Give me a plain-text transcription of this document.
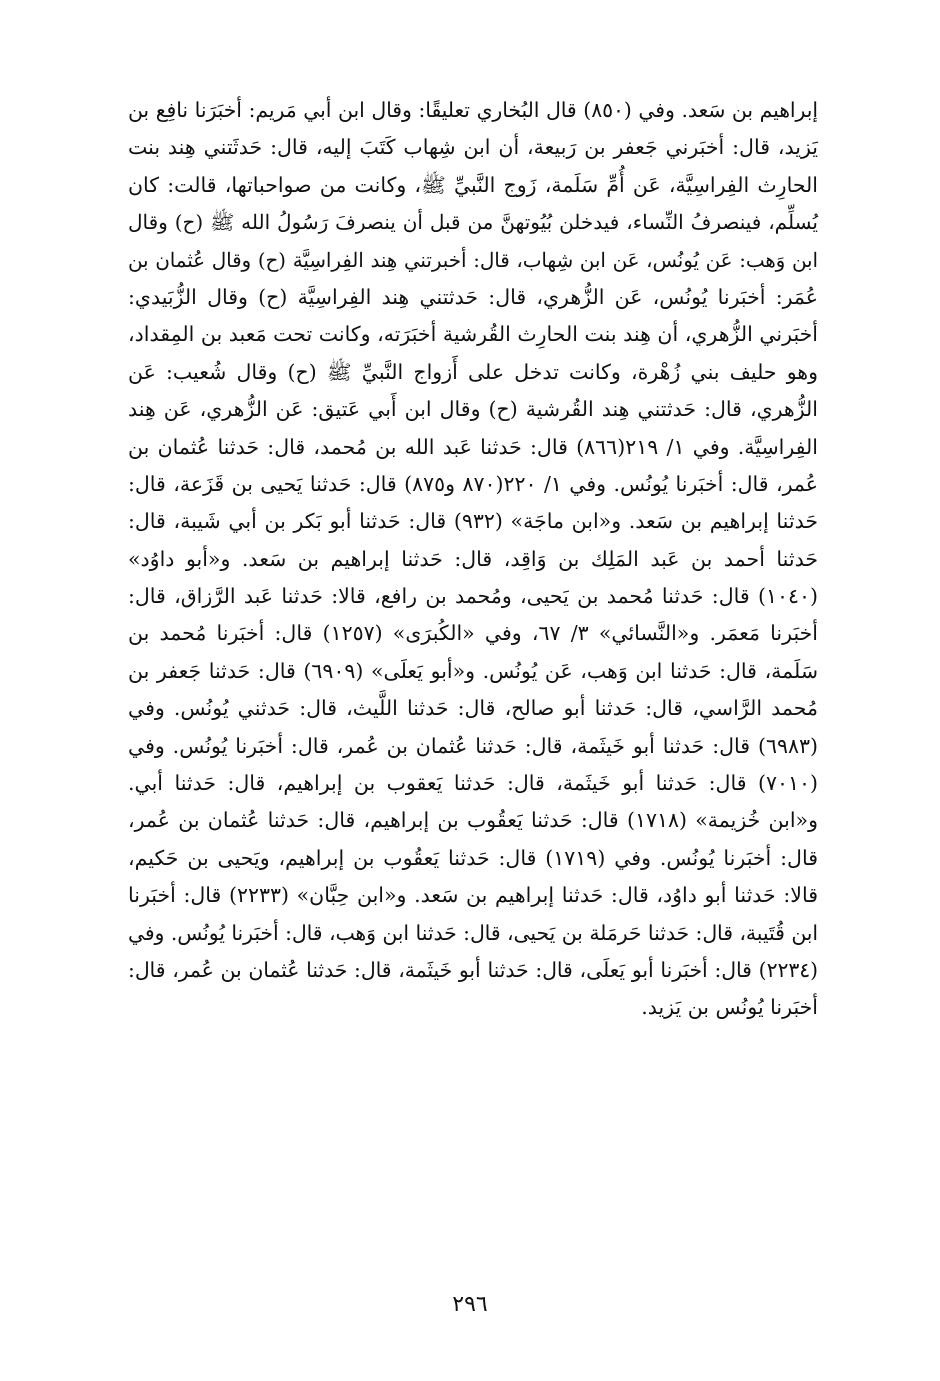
إبراهيم بن سَعد. وفي (٨٥٠) قال البُخاري تعليقًا: وقال ابن أبي مَريم: أخبَرَنا نافِع بن
يَزيد، قال: أخبَرني جَعفر بن رَبيعة، أن ابن شِهاب كَتَبَ إليه، قال: حَدثَتني هِند بنت
الحارِث الفِراسِيَّة، عَن أُمِّ سَلَمة، زَوج النَّبيِّ ﷺ، وكانت من صواحباتها، قالت: كان
يُسلِّم، فينصرفُ النِّساء، فيدخلن بُيُوتهنَّ من قبل أن ينصرفَ رَسُولُ الله ﷺ (ح) وقال
ابن وَهب: عَن يُونُس، عَن ابن شِهاب، قال: أخبرتني هِند الفِراسِيَّة (ح) وقال عُثمان بن
عُمَر: أخبَرنا يُونُس، عَن الزُّهري، قال: حَدثتني هِند الفِراسِيَّة (ح) وقال الزُّبَيدي:
أخبَرني الزُّهري، أن هِند بنت الحارِث القُرشية أخبَرَته، وكانت تحت مَعبد بن المِقداد،
وهو حليف بني زُهْرة، وكانت تدخل على أَزواج النَّبيِّ ﷺ (ح) وقال شُعيب: عَن
الزُّهري، قال: حَدثتني هِند القُرشية (ح) وقال ابن أَبي عَتيق: عَن الزُّهري، عَن هِند
الفِراسِيَّة. وفي ١/ ٢١٩(٨٦٦) قال: حَدثنا عَبد الله بن مُحمد، قال: حَدثنا عُثمان بن
عُمر، قال: أخبَرنا يُونُس. وفي ١/ ٢٢٠(٨٧٠ و٨٧٥) قال: حَدثنا يَحيى بن قَزَعة، قال:
حَدثنا إبراهيم بن سَعد. و«ابن ماجَة» (٩٣٢) قال: حَدثنا أبو بَكر بن أبي شَيبة، قال:
حَدثنا أحمد بن عَبد المَلِك بن وَاقِد، قال: حَدثنا إبراهيم بن سَعد. و«أبو داوُد»
(١٠٤٠) قال: حَدثنا مُحمد بن يَحيى، ومُحمد بن رافع، قالا: حَدثنا عَبد الرَّزاق، قال:
أخبَرنا مَعمَر. و«النَّسائي» ٣/ ٦٧، وفي «الكُبرَى» (١٢٥٧) قال: أخبَرنا مُحمد بن
سَلَمة، قال: حَدثنا ابن وَهب، عَن يُونُس. و«أبو يَعلَى» (٦٩٠٩) قال: حَدثنا جَعفر بن
مُحمد الرَّاسي، قال: حَدثنا أبو صالح، قال: حَدثنا اللَّيث، قال: حَدثني يُونُس. وفي
(٦٩٨٣) قال: حَدثنا أبو خَيثَمة، قال: حَدثنا عُثمان بن عُمر، قال: أخبَرنا يُونُس. وفي
(٧٠١٠) قال: حَدثنا أبو خَيثَمة، قال: حَدثنا يَعقوب بن إبراهيم، قال: حَدثنا أبي.
و«ابن خُزيمة» (١٧١٨) قال: حَدثنا يَعقُوب بن إبراهيم، قال: حَدثنا عُثمان بن عُمر،
قال: أخبَرنا يُونُس. وفي (١٧١٩) قال: حَدثنا يَعقُوب بن إبراهيم، ويَحيى بن حَكيم،
قالا: حَدثنا أبو داوُد، قال: حَدثنا إبراهيم بن سَعد. و«ابن حِبَّان» (٢٢٣٣) قال: أخبَرنا
ابن قُتَيبة، قال: حَدثنا حَرمَلة بن يَحيى، قال: حَدثنا ابن وَهب، قال: أخبَرنا يُونُس. وفي
(٢٢٣٤) قال: أخبَرنا أبو يَعلَى، قال: حَدثنا أبو خَيثَمة، قال: حَدثنا عُثمان بن عُمر، قال:
أخبَرنا يُونُس بن يَزيد.
٢٩٦
